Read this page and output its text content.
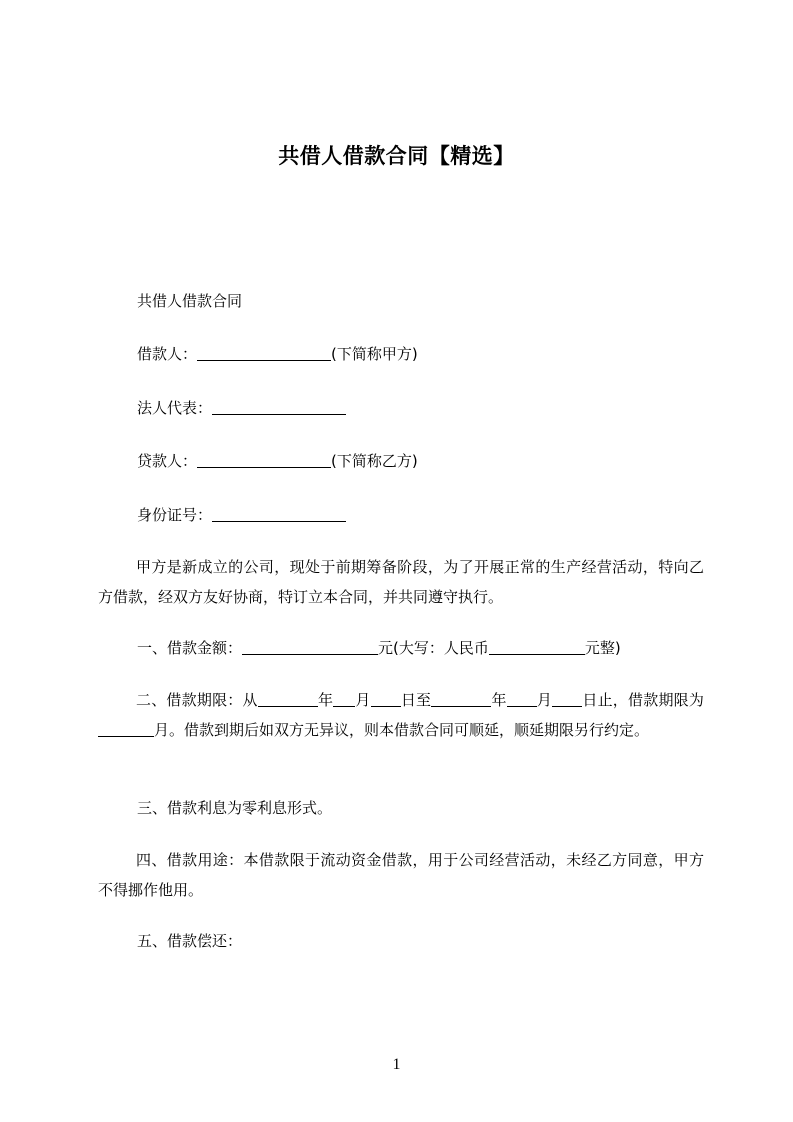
共借人借款合同【精选】
共借人借款合同
借款人：	(下简称甲方)
法人代表：
贷款人：	(下简称乙方)
身份证号：
甲方是新成立的公司，现处于前期筹备阶段，为了开展正常的生产经营活动，特向乙方借款，经双方友好协商，特订立本合同，并共同遵守执行。
一、借款金额：	元(大写：人民币	元整)
二、借款期限：从	年 月 日至	年 月 日止，借款期限为月。借款到期后如双方无异议，则本借款合同可顺延，顺延期限另行约定。
三、借款利息为零利息形式。
四、借款用途：本借款限于流动资金借款，用于公司经营活动，未经乙方同意，甲方不得挪作他用。
五、借款偿还：
1
